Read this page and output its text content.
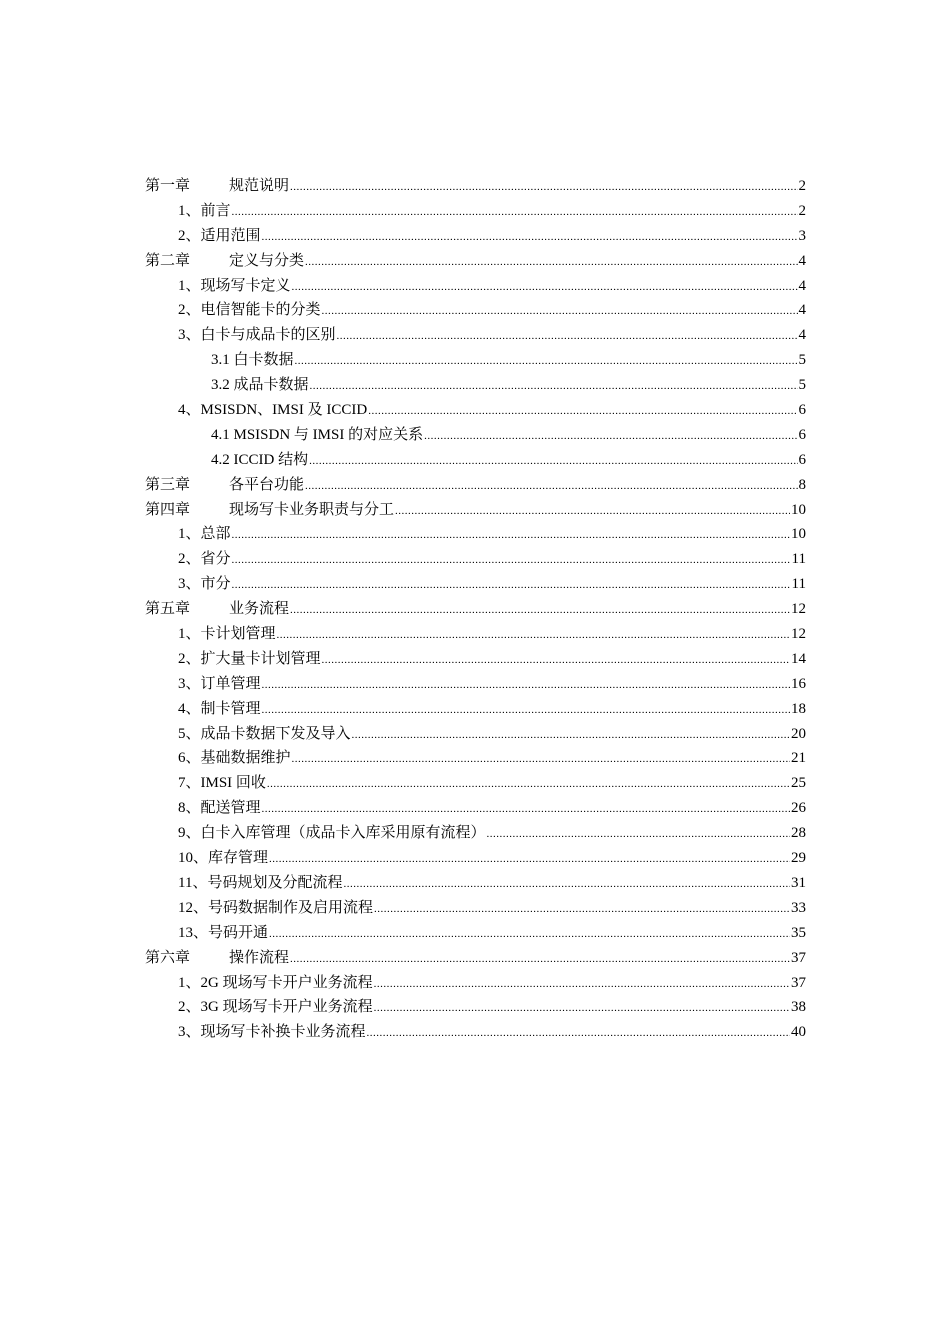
第一章	规范说明 .....	2
1、前言 .....	2
2、适用范围 .....	3
第二章	定义与分类 .....	4
1、现场写卡定义 .....	4
2、电信智能卡的分类 .....	4
3、白卡与成品卡的区别 .....	4
3.1 白卡数据 .....	5
3.2 成品卡数据 .....	5
4、MSISDN、IMSI 及 ICCID .....	6
4.1 MSISDN 与 IMSI 的对应关系 .....	6
4.2 ICCID 结构 .....	6
第三章	各平台功能 .....	8
第四章	现场写卡业务职责与分工 .....	10
1、总部 .....	10
2、省分 .....	11
3、市分 .....	11
第五章	业务流程 .....	12
1、卡计划管理 .....	12
2、扩大量卡计划管理 .....	14
3、订单管理 .....	16
4、制卡管理 .....	18
5、成品卡数据下发及导入 .....	20
6、基础数据维护 .....	21
7、IMSI 回收 .....	25
8、配送管理 .....	26
9、白卡入库管理（成品卡入库采用原有流程） .....	28
10、库存管理 .....	29
11、号码规划及分配流程 .....	31
12、号码数据制作及启用流程 .....	33
13、号码开通 .....	35
第六章	操作流程 .....	37
1、2G 现场写卡开户业务流程 .....	37
2、3G 现场写卡开户业务流程 .....	38
3、现场写卡补换卡业务流程 .....	40
